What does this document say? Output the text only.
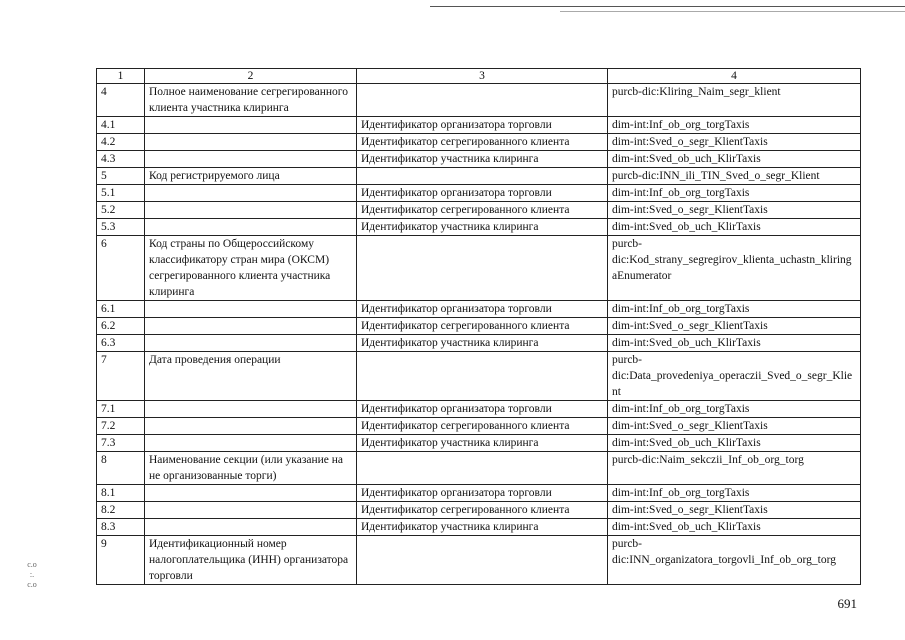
1	2	3	4
4	Полное наименование сегрегированного клиента участника клиринга		purcb-dic:Kliring_Naim_segr_klient
4.1		Идентификатор организатора торговли	dim-int:Inf_ob_org_torgTaxis
4.2		Идентификатор сегрегированного клиента	dim-int:Sved_o_segr_KlientTaxis
4.3		Идентификатор участника клиринга	dim-int:Sved_ob_uch_KlirTaxis
5	Код регистрируемого лица		purcb-dic:INN_ili_TIN_Sved_o_segr_Klient
5.1		Идентификатор организатора торговли	dim-int:Inf_ob_org_torgTaxis
5.2		Идентификатор сегрегированного клиента	dim-int:Sved_o_segr_KlientTaxis
5.3		Идентификатор участника клиринга	dim-int:Sved_ob_uch_KlirTaxis
6	Код страны по Общероссийскому классификатору стран мира (ОКСМ) сегрегированного клиента участника клиринга		purcb-dic:Kod_strany_segregirov_klienta_uchastn_kliringaEnumerator
6.1		Идентификатор организатора торговли	dim-int:Inf_ob_org_torgTaxis
6.2		Идентификатор сегрегированного клиента	dim-int:Sved_o_segr_KlientTaxis
6.3		Идентификатор участника клиринга	dim-int:Sved_ob_uch_KlirTaxis
7	Дата проведения операции		purcb-dic:Data_provedeniya_operaczii_Sved_o_segr_Klient
7.1		Идентификатор организатора торговли	dim-int:Inf_ob_org_torgTaxis
7.2		Идентификатор сегрегированного клиента	dim-int:Sved_o_segr_KlientTaxis
7.3		Идентификатор участника клиринга	dim-int:Sved_ob_uch_KlirTaxis
8	Наименование секции (или указание на не организованные торги)		purcb-dic:Naim_sekczii_Inf_ob_org_torg
8.1		Идентификатор организатора торговли	dim-int:Inf_ob_org_torgTaxis
8.2		Идентификатор сегрегированного клиента	dim-int:Sved_o_segr_KlientTaxis
8.3		Идентификатор участника клиринга	dim-int:Sved_ob_uch_KlirTaxis
9	Идентификационный номер налогоплательщика (ИНН) организатора торговли		purcb-dic:INN_organizatora_torgovli_Inf_ob_org_torg
c.o
:.
c.o
691
